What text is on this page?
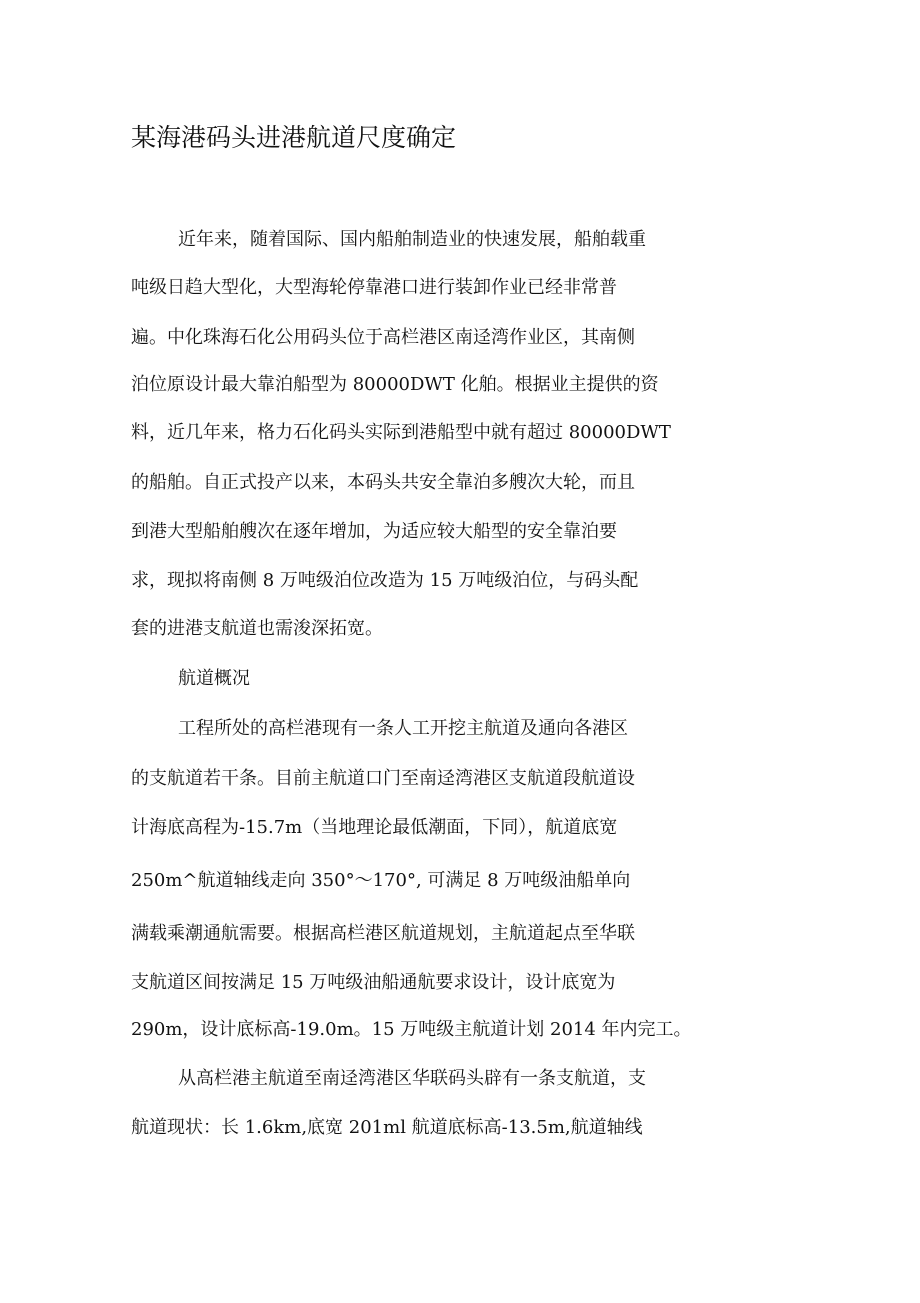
某海港码头进港航道尺度确定

近年来，随着国际、国内船舶制造业的快速发展，船舶载重

吨级日趋大型化，大型海轮停靠港口进行装卸作业已经非常普

遍。中化珠海石化公用码头位于高栏港区南迳湾作业区，其南侧

泊位原设计最大靠泊船型为 80000DWT 化舶。根据业主提供的资

料，近几年来，格力石化码头实际到港船型中就有超过 80000DWT

的船舶。自正式投产以来，本码头共安全靠泊多艘次大轮，而且

到港大型船舶艘次在逐年增加，为适应较大船型的安全靠泊要

求，现拟将南侧 8 万吨级泊位改造为 15 万吨级泊位，与码头配

套的进港支航道也需浚深拓宽。

航道概况

工程所处的高栏港现有一条人工开挖主航道及通向各港区

的支航道若干条。目前主航道口门至南迳湾港区支航道段航道设

计海底高程为-15.7m（当地理论最低潮面，下同），航道底宽

250m^航道轴线走向 350°〜170°, 可满足 8 万吨级油船单向

满载乘潮通航需要。根据高栏港区航道规划，主航道起点至华联

支航道区间按满足 15 万吨级油船通航要求设计，设计底宽为

290m，设计底标高-19.0m。15 万吨级主航道计划 2014 年内完工。

从高栏港主航道至南迳湾港区华联码头辟有一条支航道，支

航道现状：长 1.6km,底宽 201ml 航道底标高-13.5m,航道轴线
